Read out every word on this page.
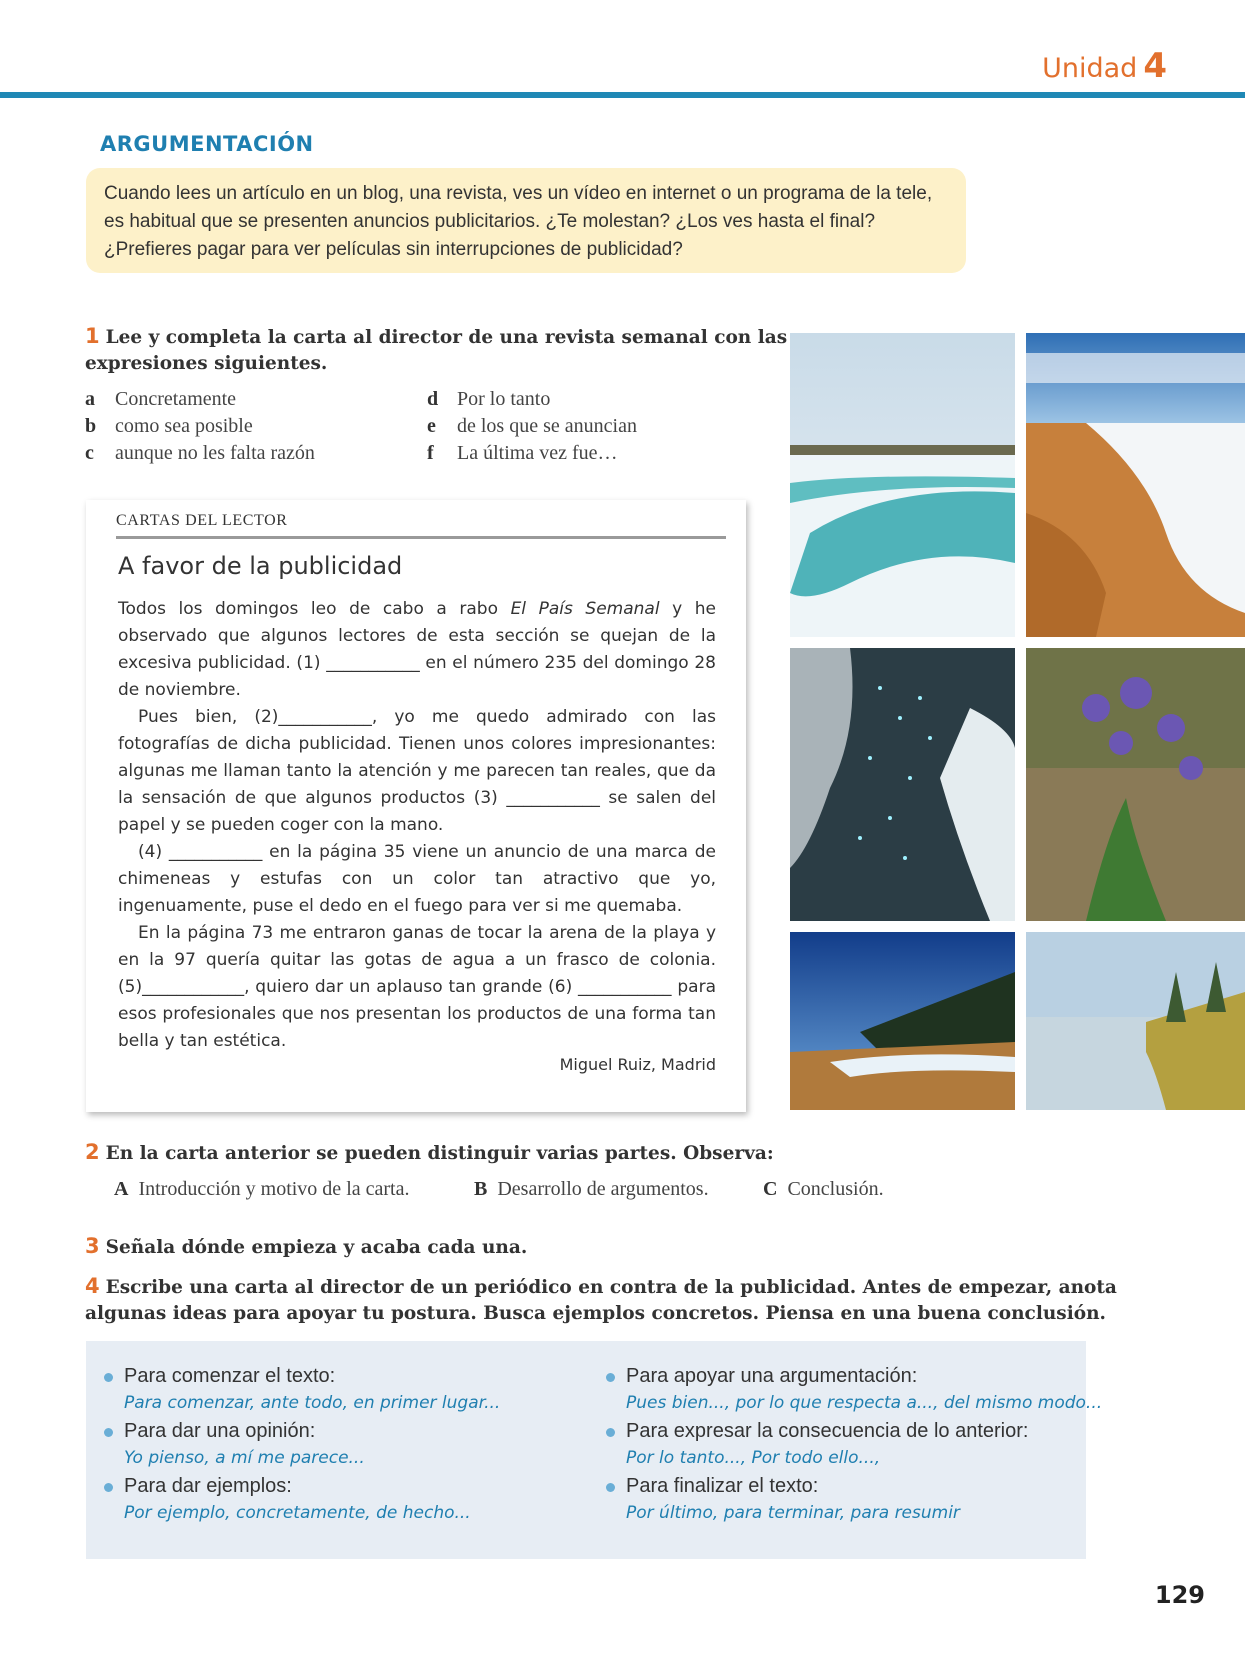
Unidad 4
ARGUMENTACIÓN
Cuando lees un artículo en un blog, una revista, ves un vídeo en internet o un programa de la tele, es habitual que se presenten anuncios publicitarios. ¿Te molestan? ¿Los ves hasta el final? ¿Prefieres pagar para ver películas sin interrupciones de publicidad?
1 Lee y completa la carta al director de una revista semanal con las
expresiones siguientes.
a Concretamente
b como sea posible
c aunque no les falta razón
d Por lo tanto
e de los que se anuncian
f La última vez fue…
CARTAS DEL LECTOR
A favor de la publicidad

Todos los domingos leo de cabo a rabo El País Semanal y he observado que algunos lectores de esta sección se quejan de la excesiva publicidad. (1) ___________ en el número 235 del domingo 28 de noviembre.

Pues bien, (2)___________, yo me quedo admirado con las fotografías de dicha publicidad. Tienen unos colores impresionantes: algunas me llaman tanto la atención y me parecen tan reales, que da la sensación de que algunos productos (3) ___________ se salen del papel y se pueden coger con la mano.

(4) ___________ en la página 35 viene un anuncio de una marca de chimeneas y estufas con un color tan atractivo que yo, ingenuamente, puse el dedo en el fuego para ver si me quemaba.

En la página 73 me entraron ganas de tocar la arena de la playa y en la 97 quería quitar las gotas de agua a un frasco de colonia. (5)____________, quiero dar un aplauso tan grande (6) ___________ para esos profesionales que nos presentan los productos de una forma tan bella y tan estética.

Miguel Ruiz, Madrid
2 En la carta anterior se pueden distinguir varias partes. Observa:
A Introducción y motivo de la carta.	B Desarrollo de argumentos.	C Conclusión.
3 Señala dónde empieza y acaba cada una.
4 Escribe una carta al director de un periódico en contra de la publicidad. Antes de empezar, anota
algunas ideas para apoyar tu postura. Busca ejemplos concretos. Piensa en una buena conclusión.
Para comenzar el texto:
Para comenzar, ante todo, en primer lugar...
Para dar una opinión:
Yo pienso, a mí me parece...
Para dar ejemplos:
Por ejemplo, concretamente, de hecho...
Para apoyar una argumentación:
Pues bien..., por lo que respecta a..., del mismo modo...
Para expresar la consecuencia de lo anterior:
Por lo tanto..., Por todo ello...,
Para finalizar el texto:
Por último, para terminar, para resumir
129
